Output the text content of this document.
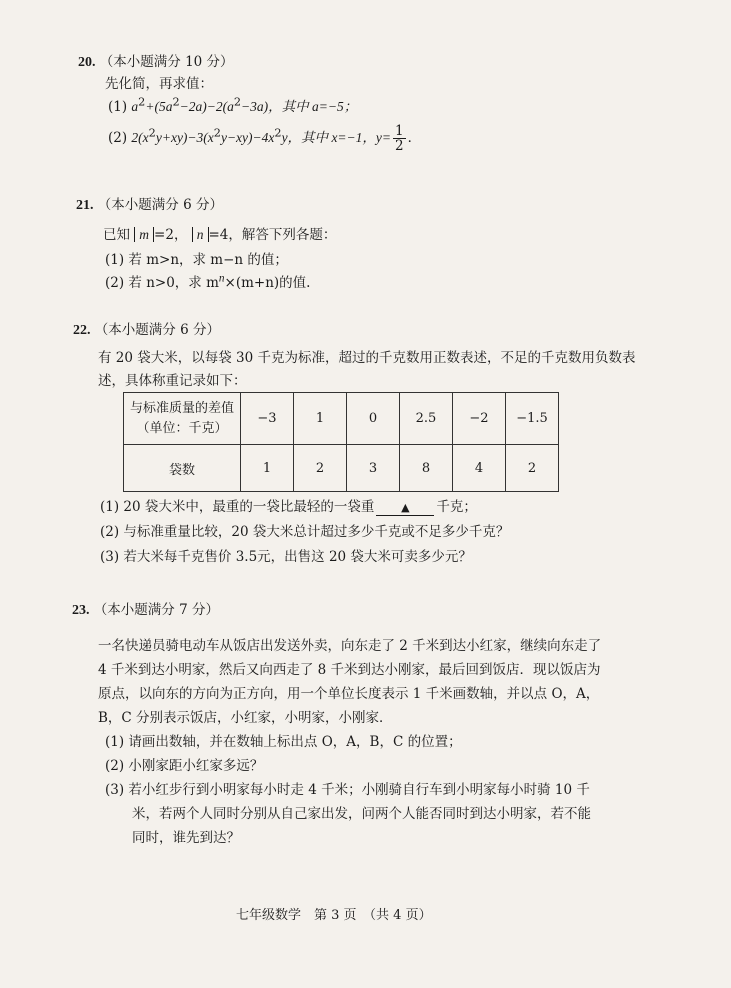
20. （本小题满分 10 分）
先化简，再求值：
(1) $a^2+(5a^2-2a)-2(a^2-3a)$，其中 a=−5；
(2) $2(x^2y+xy)-3(x^2y-xy)-4x^2y$，其中 x=−1，$y= \frac{1}{2}$ ．
21. （本小题满分 6 分）
已知 m =2， n =4，解答下列各题：
(1) 若 m>n，求 m−n 的值；
(2) 若 n>0，求 $m^n\times(m+n)$的值.
22. （本小题满分 6 分）
有 20 袋大米，以每袋 30 千克为标准，超过的千克数用正数表述，不足的千克数用负数表
述，具体称重记录如下：
与标准质量的差值
（单位：千克）	−3	1	0	2.5	−2	−1.5
袋数	1	2	3	8	4	2
(1) 20 袋大米中，最重的一袋比最轻的一袋重 ▲ 千克；
(2) 与标准重量比较，20 袋大米总计超过多少千克或不足多少千克？
(3) 若大米每千克售价 3.5元，出售这 20 袋大米可卖多少元？
23. （本小题满分 7 分）
一名快递员骑电动车从饭店出发送外卖，向东走了 2 千米到达小红家，继续向东走了
4 千米到达小明家，然后又向西走了 8 千米到达小刚家，最后回到饭店．现以饭店为
原点，以向东的方向为正方向，用一个单位长度表示 1 千米画数轴，并以点 O，A，
B，C 分别表示饭店，小红家，小明家，小刚家．
(1) 请画出数轴，并在数轴上标出点 O，A，B，C 的位置；
(2) 小刚家距小红家多远？
(3) 若小红步行到小明家每小时走 4 千米；小刚骑自行车到小明家每小时骑 10 千
米，若两个人同时分别从自己家出发，问两个人能否同时到达小明家，若不能
同时，谁先到达？
七年级数学　第 3 页　（共 4 页）
